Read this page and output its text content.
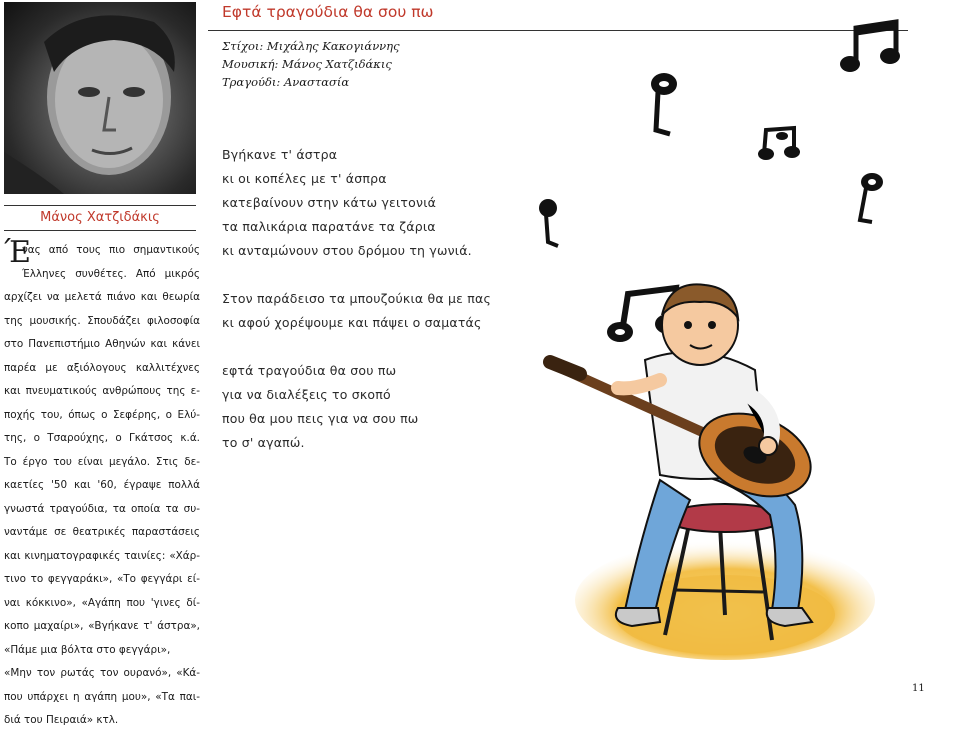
Μάνος Χατζιδάκις
Έ
νας από τους πιο σημαντικούς
Έλληνες συνθέτες. Από μικρός
αρχίζει να μελετά πιάνο και θεωρία
της μουσικής. Σπουδάζει φιλοσοφία
στο Πανεπιστήμιο Αθηνών και κάνει
παρέα με αξιόλογους καλλιτέχνες
και πνευματικούς ανθρώπους της ε-
ποχής του, όπως ο Σεφέρης, ο Ελύ-
της, ο Τσαρούχης, ο Γκάτσος κ.ά.
Το έργο του είναι μεγάλο. Στις δε-
καετίες '50 και '60, έγραψε πολλά
γνωστά τραγούδια, τα οποία τα συ-
ναντάμε σε θεατρικές παραστάσεις
και κινηματογραφικές ταινίες: «Χάρ-
τινο το φεγγαράκι», «Το φεγγάρι εί-
ναι κόκκινο», «Αγάπη που 'γινες δί-
κοπο μαχαίρι», «Βγήκανε τ' άστρα»,
«Πάμε μια βόλτα στο φεγγάρι»,
«Μην τον ρωτάς τον ουρανό», «Κά-
που υπάρχει η αγάπη μου», «Τα παι-
διά του Πειραιά» κτλ.
Εφτά τραγούδια θα σου πω
Στίχοι: Μιχάλης Κακογιάννης
Μουσική: Μάνος Χατζιδάκις
Τραγούδι: Αναστασία
Βγήκανε τ' άστρα
κι οι κοπέλες με τ' άσπρα
κατεβαίνουν στην κάτω γειτονιά
τα παλικάρια παρατάνε τα ζάρια
κι ανταμώνουν στου δρόμου τη γωνιά.
Στον παράδεισο τα μπουζούκια θα με πας
κι αφού χορέψουμε και πάψει ο σαματάς
εφτά τραγούδια θα σου πω
για να διαλέξεις το σκοπό
που θα μου πεις για να σου πω
το σ' αγαπώ.
11
